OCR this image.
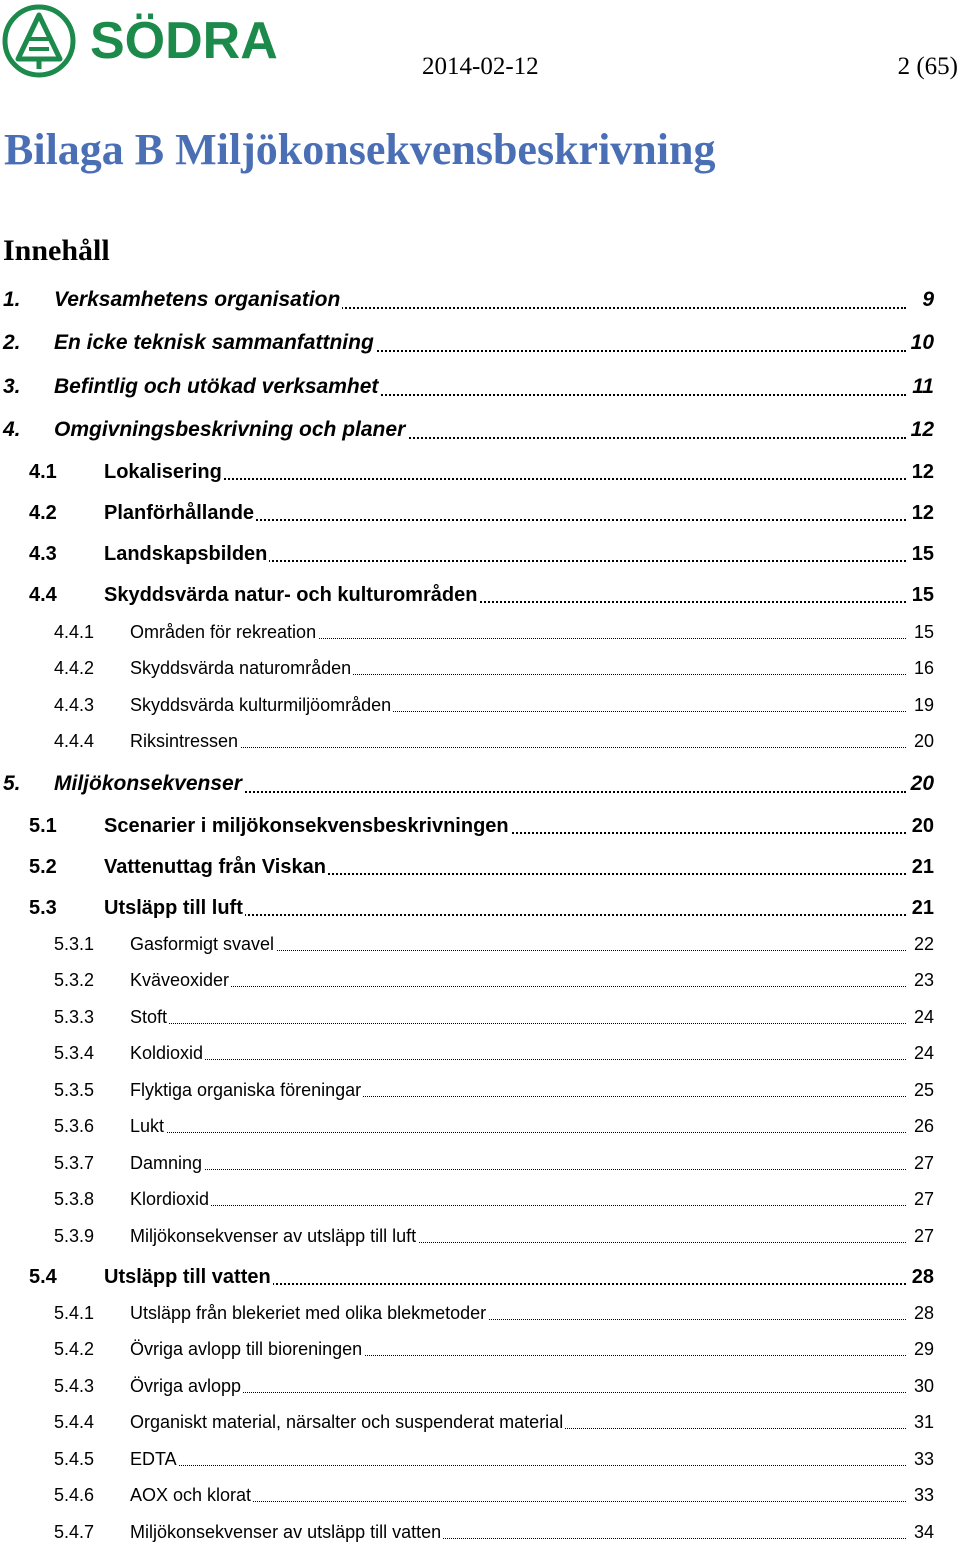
SÖDRA	2014-02-12	2 (65)
Bilaga B Miljökonsekvensbeskrivning
Innehåll
1. Verksamhetens organisation	9
2. En icke teknisk sammanfattning	10
3. Befintlig och utökad verksamhet	11
4. Omgivningsbeskrivning och planer	12
4.1 Lokalisering	12
4.2 Planförhållande	12
4.3 Landskapsbilden	15
4.4 Skyddsvärda natur- och kulturområden	15
4.4.1 Områden för rekreation	15
4.4.2 Skyddsvärda naturområden	16
4.4.3 Skyddsvärda kulturmiljöområden	19
4.4.4 Riksintressen	20
5. Miljökonsekvenser	20
5.1 Scenarier i miljökonsekvensbeskrivningen	20
5.2 Vattenuttag från Viskan	21
5.3 Utsläpp till luft	21
5.3.1 Gasformigt svavel	22
5.3.2 Kväveoxider	23
5.3.3 Stoft	24
5.3.4 Koldioxid	24
5.3.5 Flyktiga organiska föreningar	25
5.3.6 Lukt	26
5.3.7 Damning	27
5.3.8 Klordioxid	27
5.3.9 Miljökonsekvenser av utsläpp till luft	27
5.4 Utsläpp till vatten	28
5.4.1 Utsläpp från blekeriet med olika blekmetoder	28
5.4.2 Övriga avlopp till bioreningen	29
5.4.3 Övriga avlopp	30
5.4.4 Organiskt material, närsalter och suspenderat material	31
5.4.5 EDTA	33
5.4.6 AOX och klorat	33
5.4.7 Miljökonsekvenser av utsläpp till vatten	34
